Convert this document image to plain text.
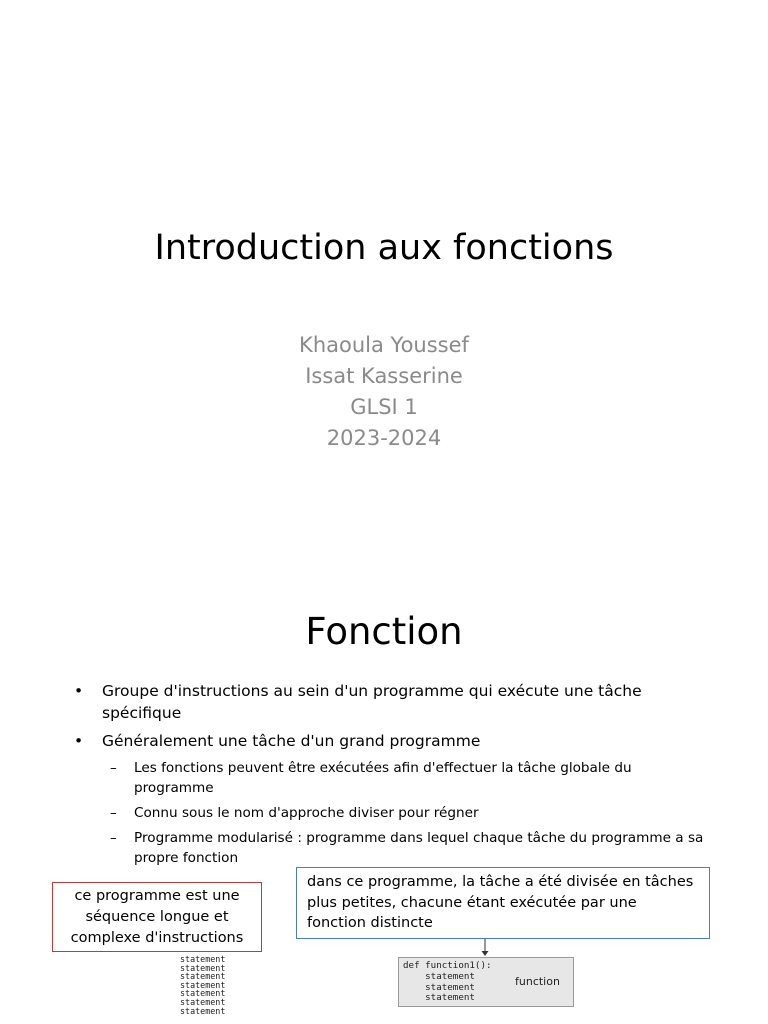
Introduction aux fonctions
Khaoula Youssef
Issat Kasserine
GLSI 1
2023-2024
Fonction
• Groupe d'instructions au sein d'un programme qui exécute une tâche spécifique
• Généralement une tâche d'un grand programme
– Les fonctions peuvent être exécutées afin d'effectuer la tâche globale du programme
– Connu sous le nom d'approche diviser pour régner
– Programme modularisé : programme dans lequel chaque tâche du programme a sa propre fonction
ce programme est une séquence longue et complexe d'instructions
dans ce programme, la tâche a été divisée en tâches plus petites, chacune étant exécutée par une fonction distincte
statement
statement
statement
statement
statement
statement
statement
def function1():
statement
statement
statement
function
